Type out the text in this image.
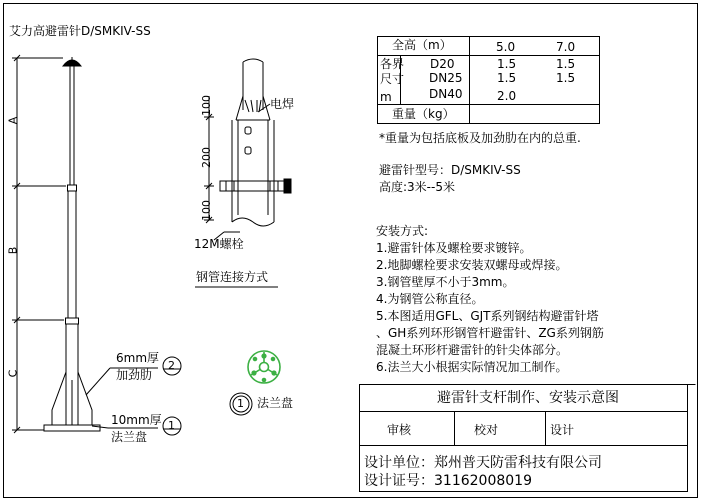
艾力高避雷针D/SMKIV-SS
A
B
C
2
6mm厚
加劲肋
1
10mm厚
法兰盘
1 法兰盘
电焊
12M螺栓
钢管连接方式
100
200
100
全高（m）	5.0	7.0
各界
尺寸
m
D20	1.5	1.5
DN25	1.5	1.5
DN40	2.0
重量（kg）
*重量为包括底板及加劲肋在内的总重.
避雷针型号：D/SMKIV-SS
高度:3米--5米
安装方式:
1.避雷针体及螺栓要求镀锌。
2.地脚螺栓要求安装双螺母或焊接。
3.钢管壁厚不小于3mm。
4.为钢管公称直径。
5.本图适用GFL、GJT系列钢结构避雷针塔
、GH系列环形钢管杆避雷针、ZG系列钢筋
混凝土环形杆避雷针的针尖体部分。
6.法兰大小根据实际情况加工制作。
避雷针支杆制作、安装示意图
审核	校对	设计
设计单位：郑州普天防雷科技有限公司
设计证号：31162008019
